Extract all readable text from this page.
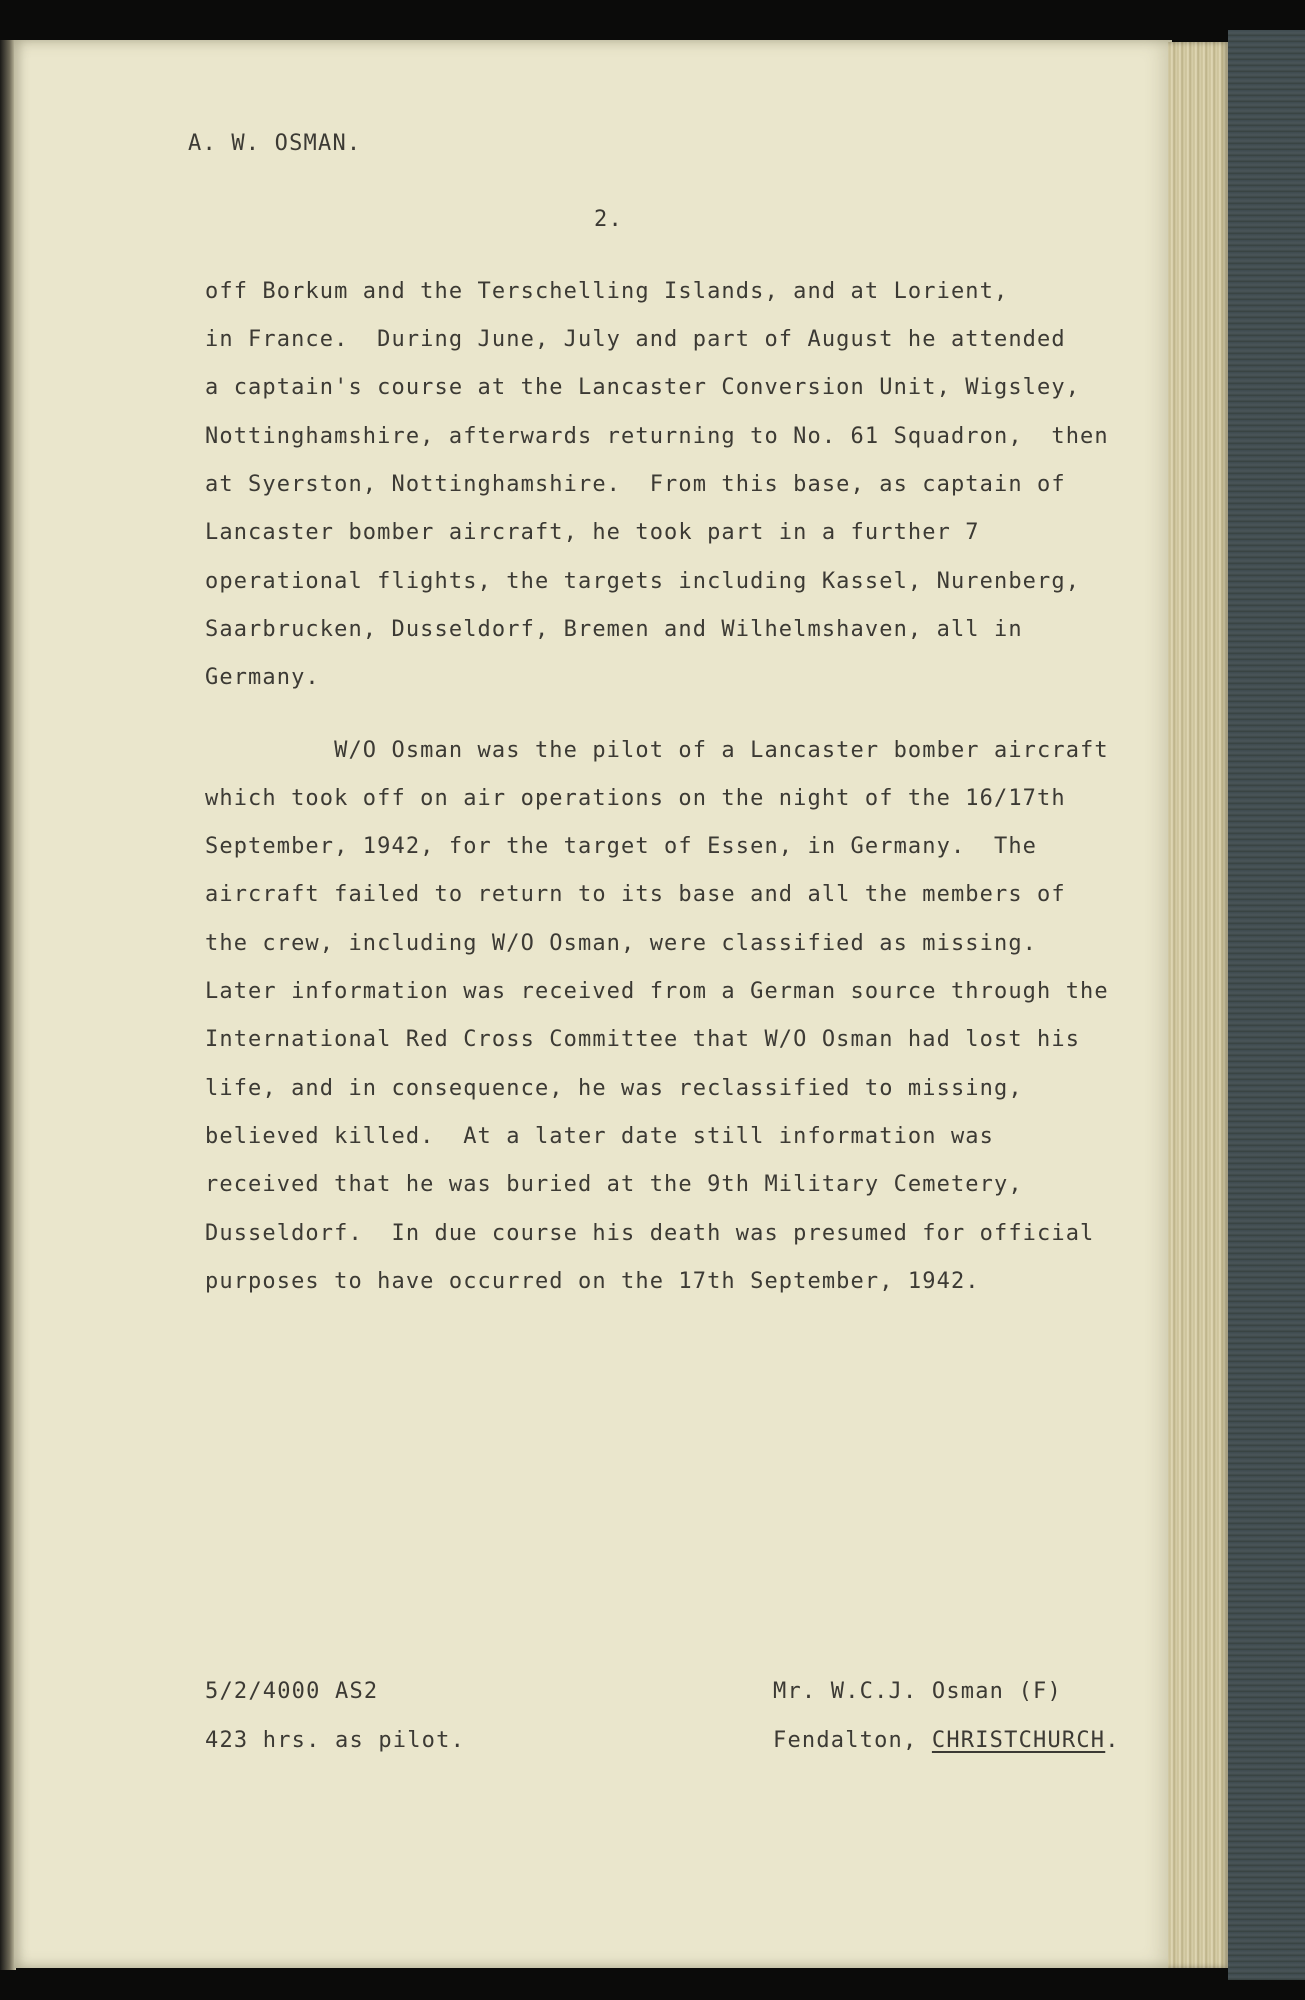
A. W. OSMAN.

2.

off Borkum and the Terschelling Islands, and at Lorient,
in France.  During June, July and part of August he attended
a captain's course at the Lancaster Conversion Unit, Wigsley,
Nottinghamshire, afterwards returning to No. 61 Squadron,  then
at Syerston, Nottinghamshire.  From this base, as captain of
Lancaster bomber aircraft, he took part in a further 7
operational flights, the targets including Kassel, Nurenberg,
Saarbrucken, Dusseldorf, Bremen and Wilhelmshaven, all in
Germany.
W/O Osman was the pilot of a Lancaster bomber aircraft
which took off on air operations on the night of the 16/17th
September, 1942, for the target of Essen, in Germany.  The
aircraft failed to return to its base and all the members of
the crew, including W/O Osman, were classified as missing.
Later information was received from a German source through the
International Red Cross Committee that W/O Osman had lost his
life, and in consequence, he was reclassified to missing,
believed killed.  At a later date still information was
received that he was buried at the 9th Military Cemetery,
Dusseldorf.  In due course his death was presumed for official
purposes to have occurred on the 17th September, 1942.

5/2/4000 AS2

423 hrs. as pilot.

Mr. W.C.J. Osman (F)

Fendalton, CHRISTCHURCH.
